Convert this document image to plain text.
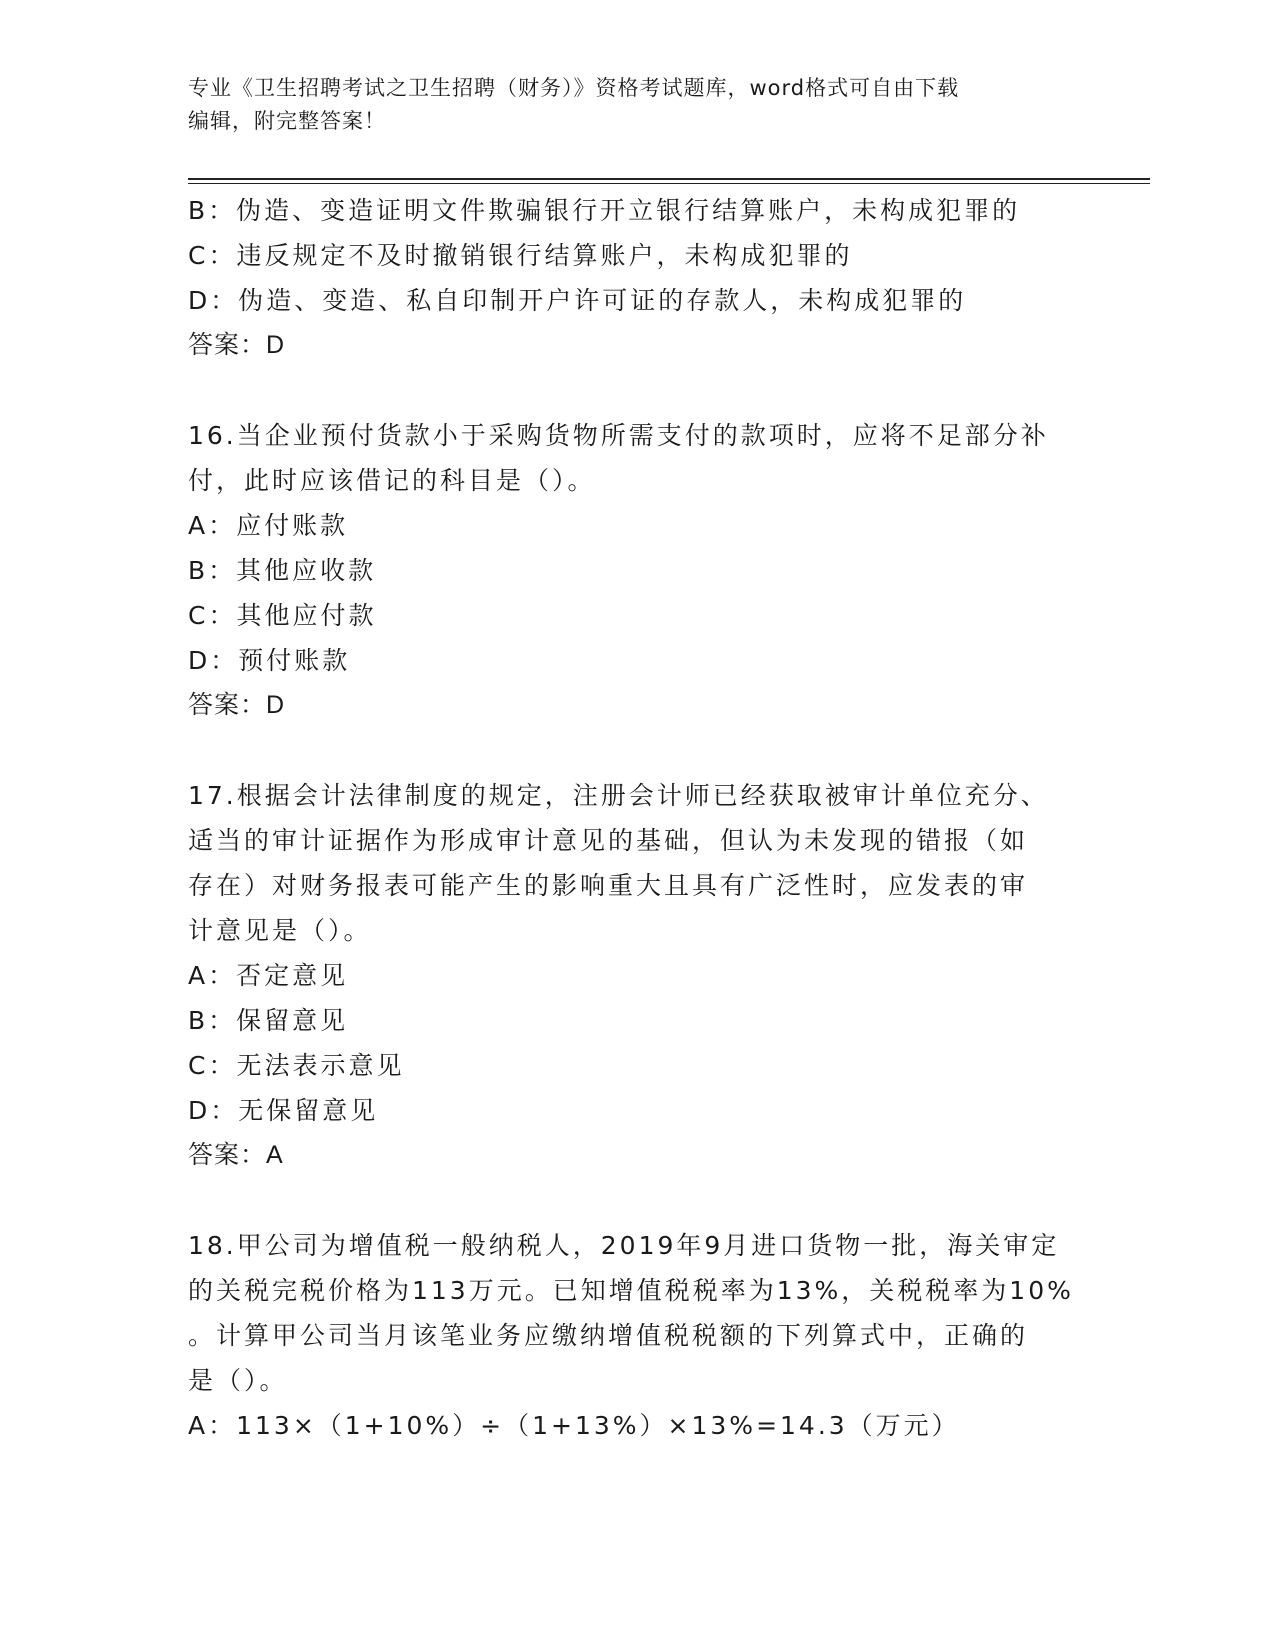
专业《卫生招聘考试之卫生招聘（财务）》资格考试题库，word格式可自由下载
编辑，附完整答案！
B：伪造、变造证明文件欺骗银行开立银行结算账户，未构成犯罪的
C：违反规定不及时撤销银行结算账户，未构成犯罪的
D：伪造、变造、私自印制开户许可证的存款人，未构成犯罪的
答案：D
16.当企业预付货款小于采购货物所需支付的款项时，应将不足部分补
付，此时应该借记的科目是（）。
A：应付账款
B：其他应收款
C：其他应付款
D：预付账款
答案：D
17.根据会计法律制度的规定，注册会计师已经获取被审计单位充分、
适当的审计证据作为形成审计意见的基础，但认为未发现的错报（如
存在）对财务报表可能产生的影响重大且具有广泛性时，应发表的审
计意见是（）。
A：否定意见
B：保留意见
C：无法表示意见
D：无保留意见
答案：A
18.甲公司为增值税一般纳税人，2019年9月进口货物一批，海关审定
的关税完税价格为113万元。已知增值税税率为13%，关税税率为10%
。计算甲公司当月该笔业务应缴纳增值税税额的下列算式中，正确的
是（）。
A：113×（1+10%）÷（1+13%）×13%=14.3（万元）
